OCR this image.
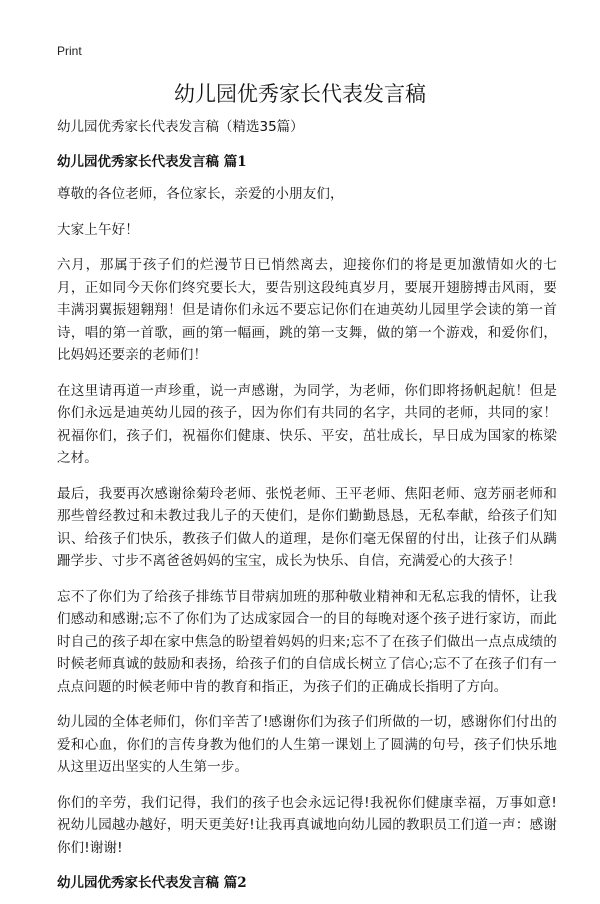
Print
幼儿园优秀家长代表发言稿

幼儿园优秀家长代表发言稿（精选35篇）

幼儿园优秀家长代表发言稿 篇1

尊敬的各位老师，各位家长，亲爱的小朋友们，

大家上午好！

六月，那属于孩子们的烂漫节日已悄然离去，迎接你们的将是更加激情如火的七月，正如同今天你们终究要长大，要告别这段纯真岁月，要展开翅膀搏击风雨，要丰满羽翼振翅翱翔！但是请你们永远不要忘记你们在迪英幼儿园里学会读的第一首诗，唱的第一首歌，画的第一幅画，跳的第一支舞，做的第一个游戏，和爱你们，比妈妈还要亲的老师们！

在这里请再道一声珍重，说一声感谢，为同学，为老师，你们即将扬帆起航！但是你们永远是迪英幼儿园的孩子，因为你们有共同的名字，共同的老师，共同的家！祝福你们，孩子们，祝福你们健康、快乐、平安，茁壮成长，早日成为国家的栋梁之材。

最后，我要再次感谢徐菊玲老师、张悦老师、王平老师、焦阳老师、寇芳丽老师和那些曾经教过和未教过我儿子的天使们，是你们勤勤恳恳，无私奉献，给孩子们知识、给孩子们快乐，教孩子们做人的道理，是你们毫无保留的付出，让孩子们从蹒跚学步、寸步不离爸爸妈妈的宝宝，成长为快乐、自信，充满爱心的大孩子！

忘不了你们为了给孩子排练节目带病加班的那种敬业精神和无私忘我的情怀，让我们感动和感谢;忘不了你们为了达成家园合一的目的每晚对逐个孩子进行家访，而此时自己的孩子却在家中焦急的盼望着妈妈的归来;忘不了在孩子们做出一点点成绩的时候老师真诚的鼓励和表扬，给孩子们的自信成长树立了信心;忘不了在孩子们有一点点问题的时候老师中肯的教育和指正，为孩子们的正确成长指明了方向。

幼儿园的全体老师们，你们辛苦了!感谢你们为孩子们所做的一切，感谢你们付出的爱和心血，你们的言传身教为他们的人生第一课划上了圆满的句号，孩子们快乐地从这里迈出坚实的人生第一步。

你们的辛劳，我们记得，我们的孩子也会永远记得!我祝你们健康幸福，万事如意!祝幼儿园越办越好，明天更美好!让我再真诚地向幼儿园的教职员工们道一声：感谢你们!谢谢!

幼儿园优秀家长代表发言稿 篇2
